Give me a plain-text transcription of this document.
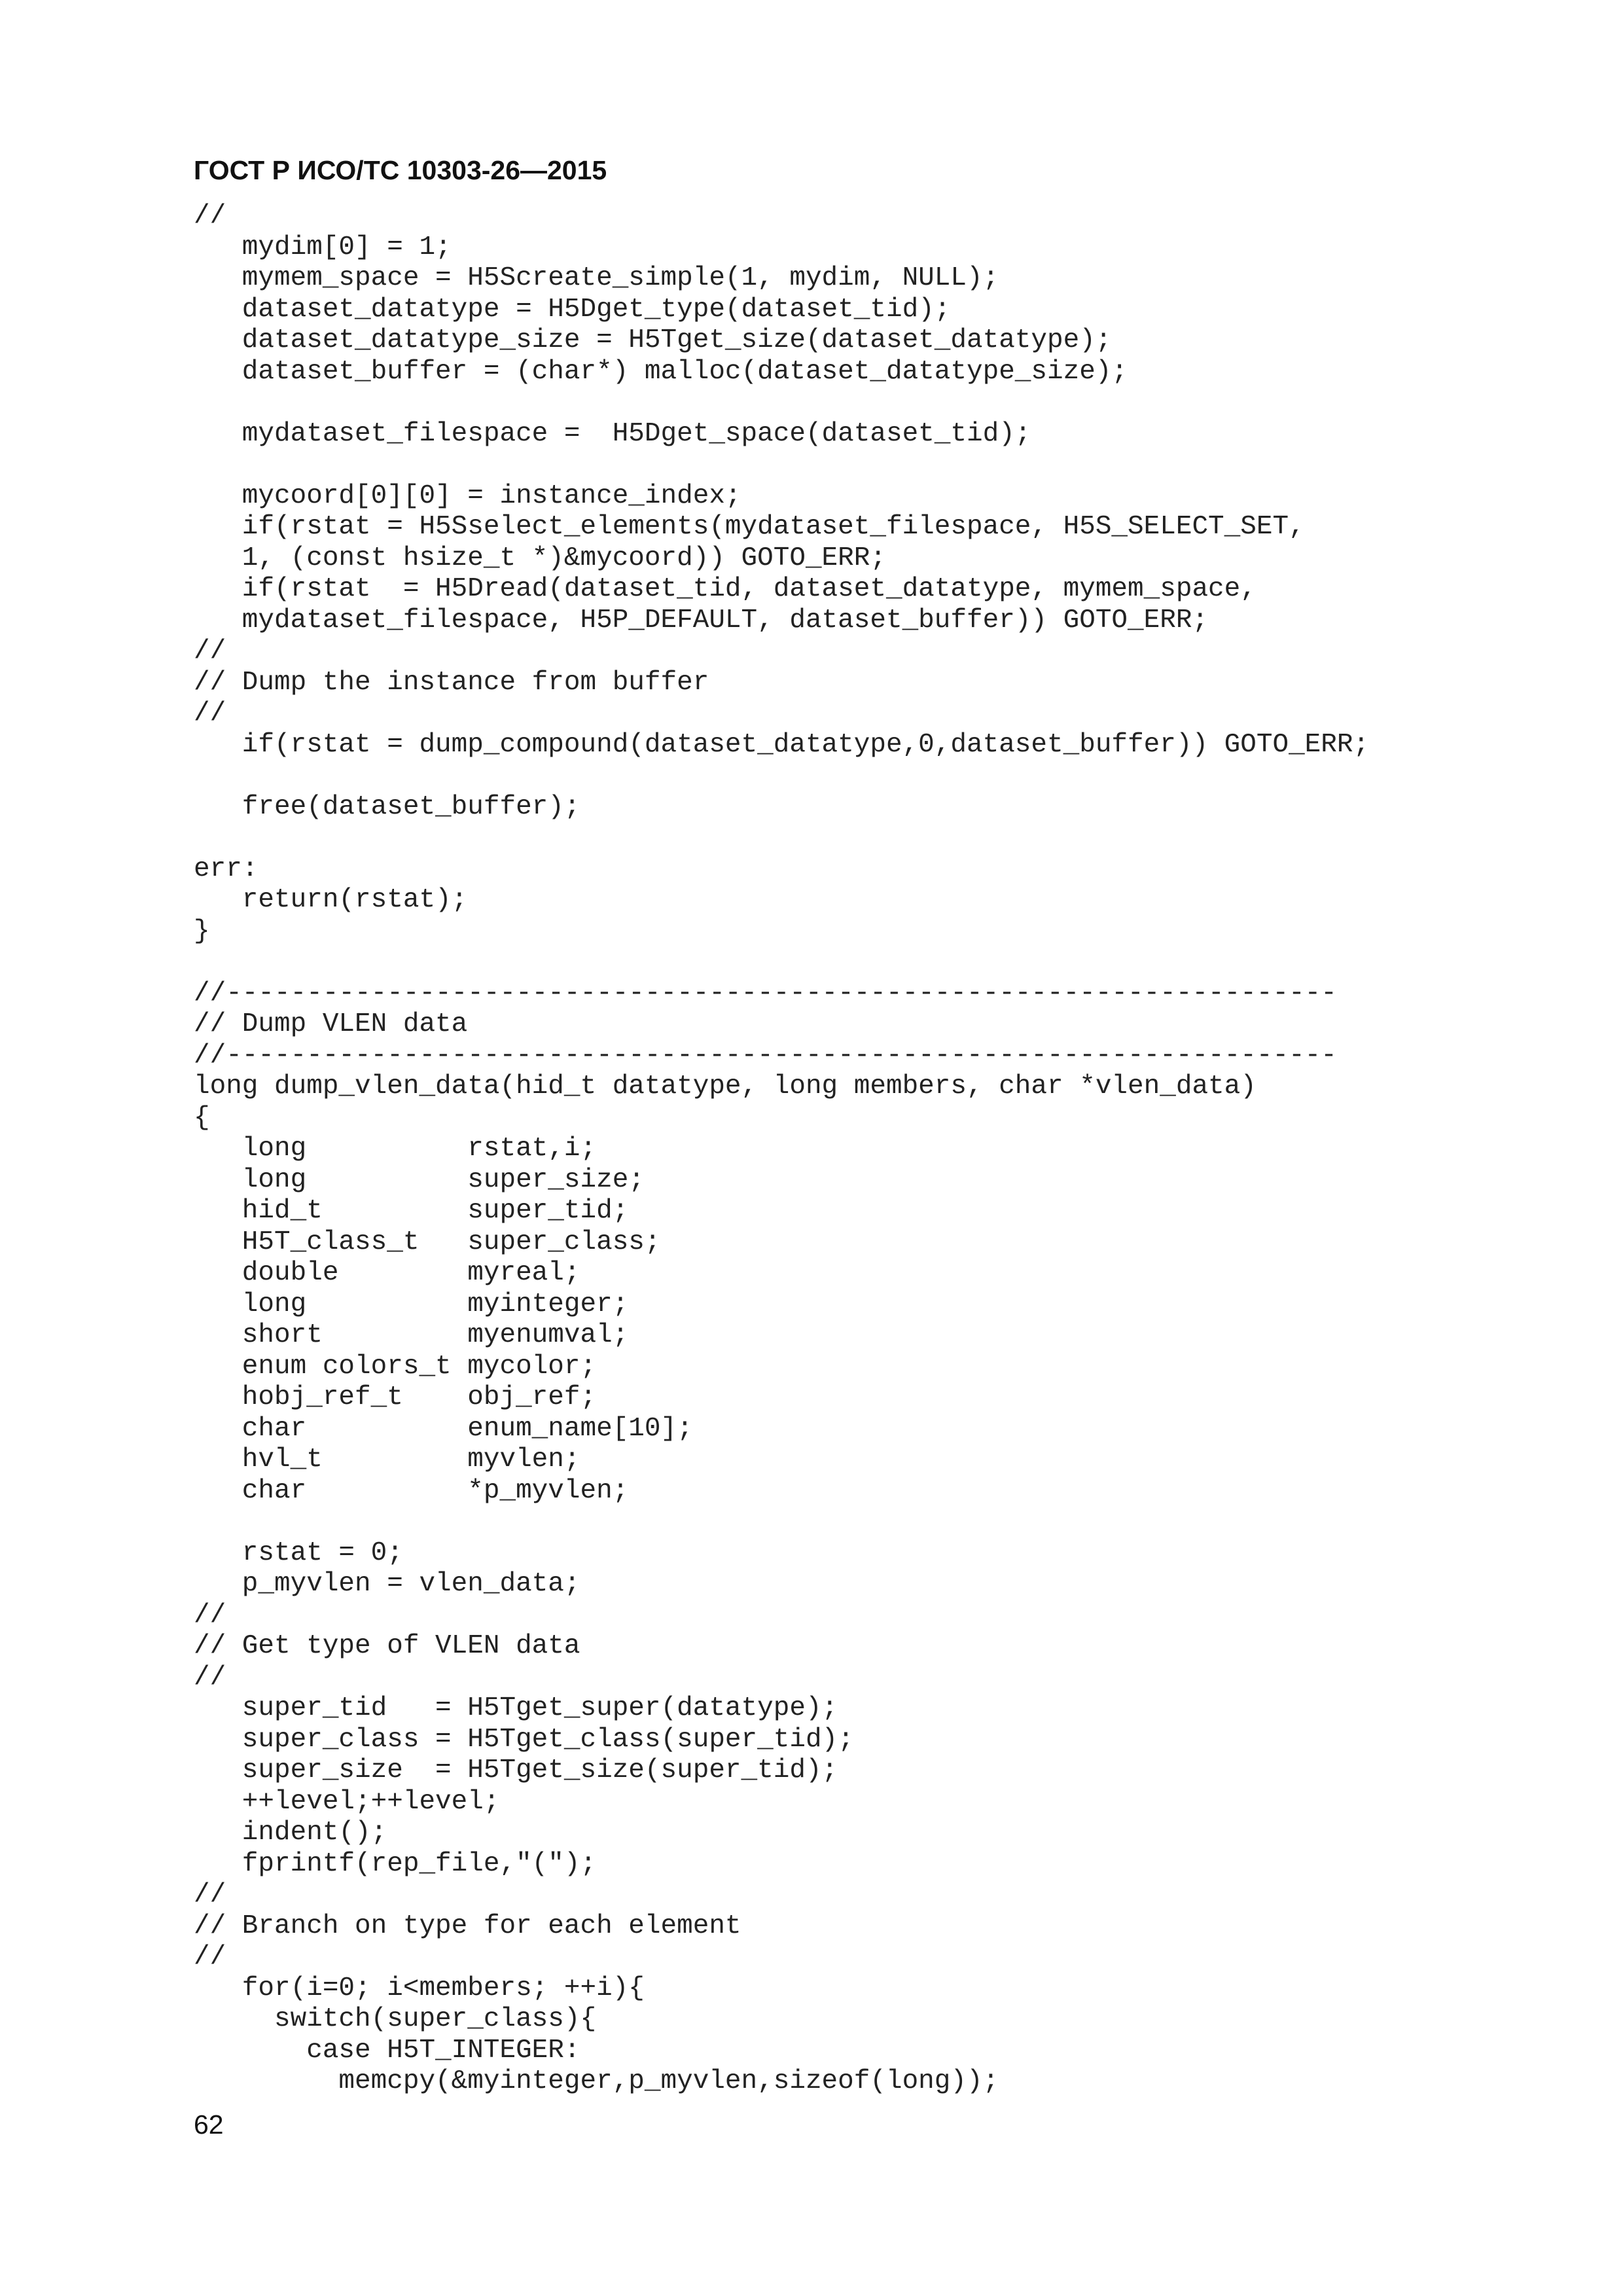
ГОСТ Р ИСО/ТС 10303-26—2015
//
mydim[0] = 1;
mymem_space = H5Screate_simple(1, mydim, NULL);
dataset_datatype = H5Dget_type(dataset_tid);
dataset_datatype_size = H5Tget_size(dataset_datatype);
dataset_buffer = (char*) malloc(dataset_datatype_size);
mydataset_filespace =  H5Dget_space(dataset_tid);
mycoord[0][0] = instance_index;
if(rstat = H5Sselect_elements(mydataset_filespace, H5S_SELECT_SET,
1, (const hsize_t *)&mycoord)) GOTO_ERR;
if(rstat  = H5Dread(dataset_tid, dataset_datatype, mymem_space,
mydataset_filespace, H5P_DEFAULT, dataset_buffer)) GOTO_ERR;
//
// Dump the instance from buffer
//
if(rstat = dump_compound(dataset_datatype,0,dataset_buffer)) GOTO_ERR;
free(dataset_buffer);
err:
return(rstat);
}
//---------------------------------------------------------------------
// Dump VLEN data
//---------------------------------------------------------------------
long dump_vlen_data(hid_t datatype, long members, char *vlen_data)
{
long          rstat,i;
long          super_size;
hid_t         super_tid;
H5T_class_t   super_class;
double        myreal;
long          myinteger;
short         myenumval;
enum colors_t mycolor;
hobj_ref_t    obj_ref;
char          enum_name[10];
hvl_t         myvlen;
char          *p_myvlen;
rstat = 0;
p_myvlen = vlen_data;
//
// Get type of VLEN data
//
super_tid   = H5Tget_super(datatype);
super_class = H5Tget_class(super_tid);
super_size  = H5Tget_size(super_tid);
++level;++level;
indent();
fprintf(rep_file,"(");
//
// Branch on type for each element
//
for(i=0; i<members; ++i){
switch(super_class){
case H5T_INTEGER:
memcpy(&myinteger,p_myvlen,sizeof(long));
62
